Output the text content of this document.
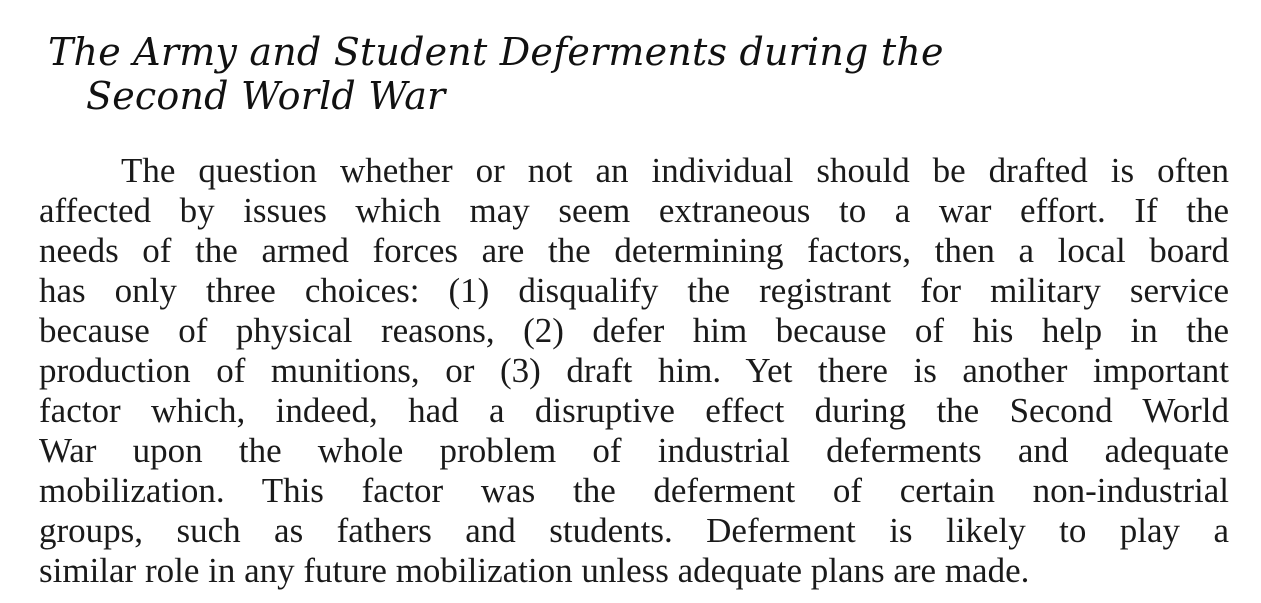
The Army and Student Deferments during the
Second World War
The question whether or not an individual should be drafted is often
affected by issues which may seem extraneous to a war effort. If the
needs of the armed forces are the determining factors, then a local board
has only three choices: (1) disqualify the registrant for military service
because of physical reasons, (2) defer him because of his help in the
production of munitions, or (3) draft him. Yet there is another important
factor which, indeed, had a disruptive effect during the Second World
War upon the whole problem of industrial deferments and adequate
mobilization. This factor was the deferment of certain non-industrial
groups, such as fathers and students. Deferment is likely to play a
similar role in any future mobilization unless adequate plans are made.
